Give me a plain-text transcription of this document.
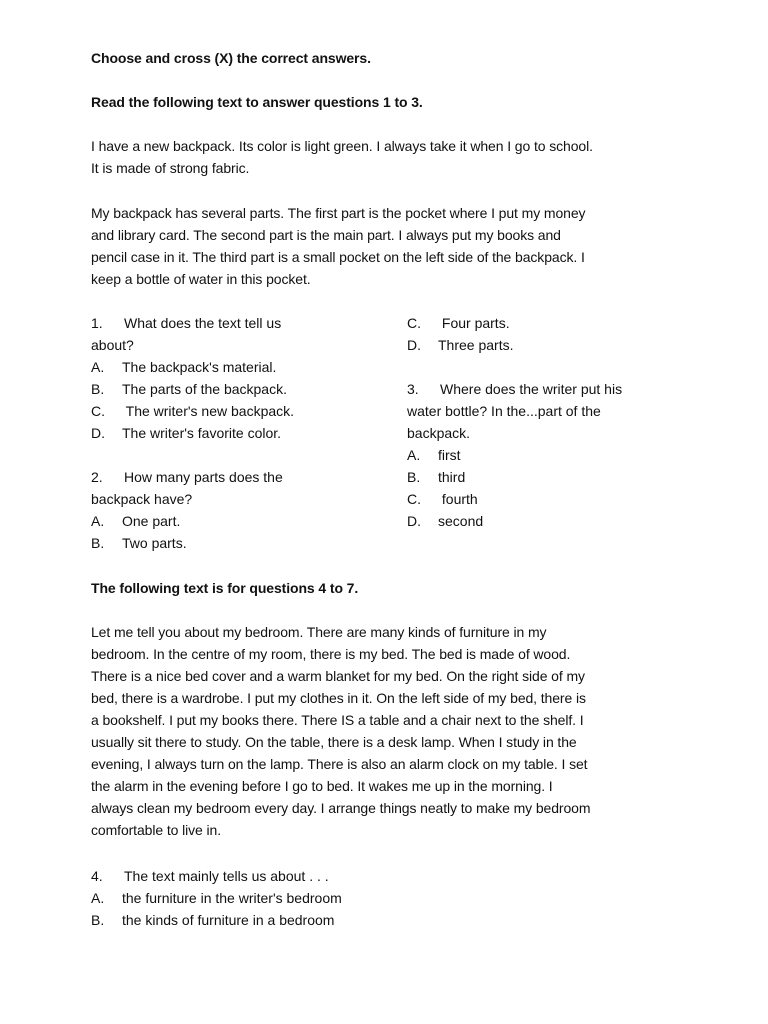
Choose and cross (X) the correct answers.
Read the following text to answer questions 1 to 3.
I have a new backpack. Its color is light green. I always take it when I go to school.
It is made of strong fabric.
My backpack has several parts. The first part is the pocket where I put my money
and library card. The second part is the main part. I always put my books and
pencil case in it. The third part is a small pocket on the left side of the backpack. I
keep a bottle of water in this pocket.
1. What does the text tell us
about?
A. The backpack's material.
B. The parts of the backpack.
C. The writer's new backpack.
D. The writer's favorite color.
2. How many parts does the
backpack have?
A. One part.
B. Two parts.
C. Four parts.
D. Three parts.
3. Where does the writer put his
water bottle? In the...part of the
backpack.
A. first
B. third
C. fourth
D. second
The following text is for questions 4 to 7.
Let me tell you about my bedroom. There are many kinds of furniture in my
bedroom. In the centre of my room, there is my bed. The bed is made of wood.
There is a nice bed cover and a warm blanket for my bed. On the right side of my
bed, there is a wardrobe. I put my clothes in it. On the left side of my bed, there is
a bookshelf. I put my books there. There IS a table and a chair next to the shelf. I
usually sit there to study. On the table, there is a desk lamp. When I study in the
evening, I always turn on the lamp. There is also an alarm clock on my table. I set
the alarm in the evening before I go to bed. It wakes me up in the morning. I
always clean my bedroom every day. I arrange things neatly to make my bedroom
comfortable to live in.
4. The text mainly tells us about . . .
A. the furniture in the writer's bedroom
B. the kinds of furniture in a bedroom
